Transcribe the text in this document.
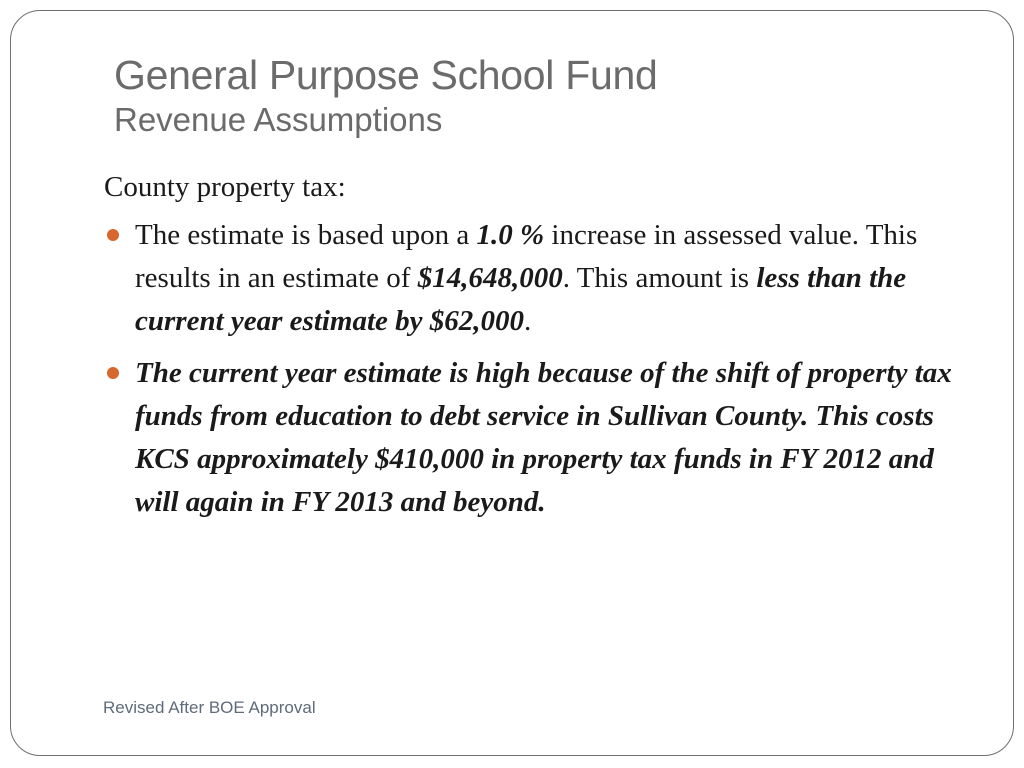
General Purpose School Fund
Revenue Assumptions

County property tax:

The estimate is based upon a 1.0 % increase in assessed value. This results in an estimate of $14,648,000. This amount is less than the current year estimate by $62,000.
The current year estimate is high because of the shift of property tax funds from education to debt service in Sullivan County. This costs KCS approximately $410,000 in property tax funds in FY 2012 and will again in FY 2013 and beyond.
Revised After BOE Approval
